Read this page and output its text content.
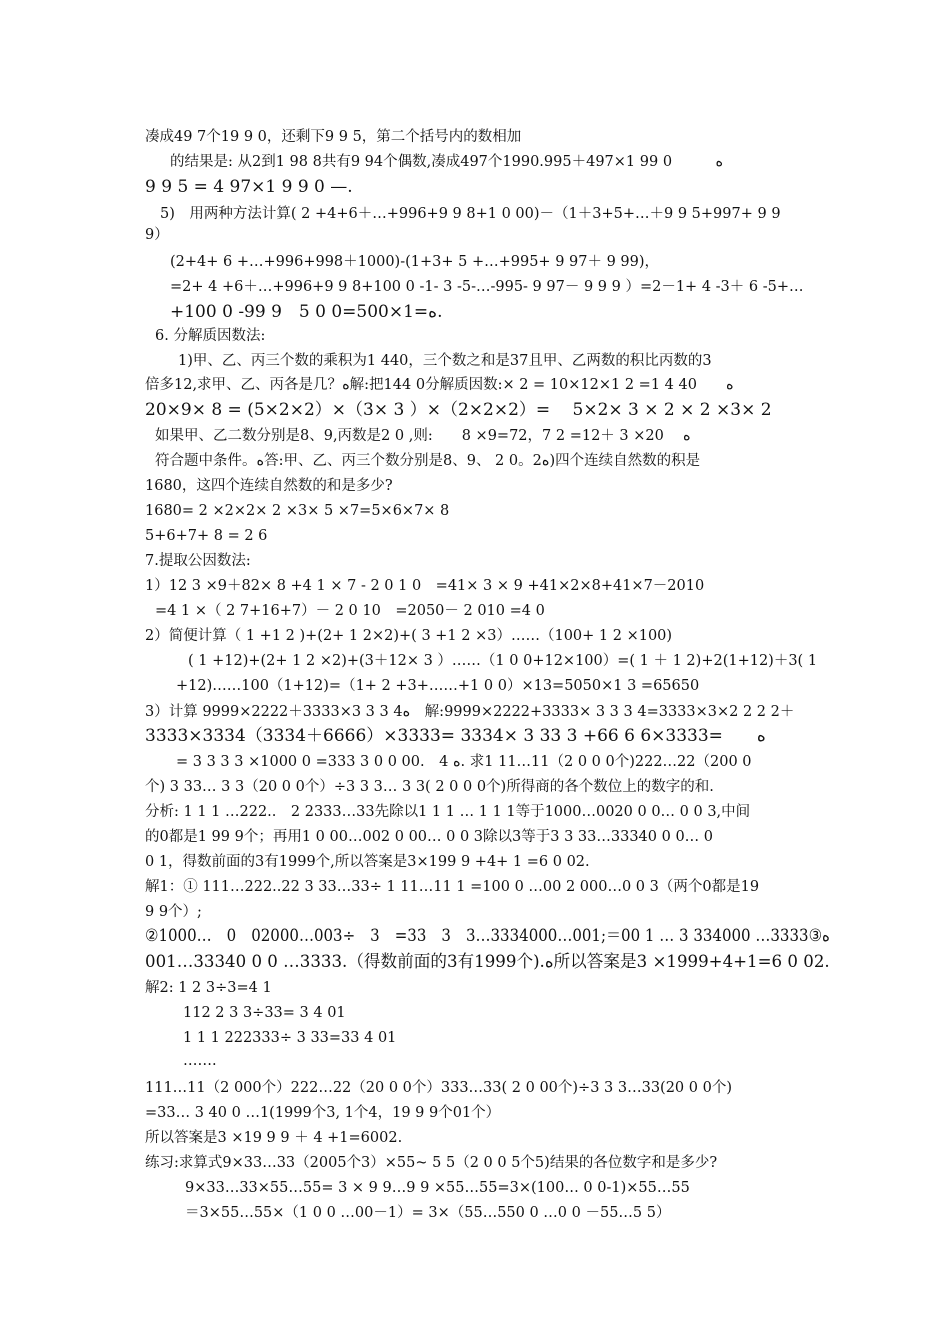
凑成49 7个19 9 0，还剩下9 9 5，第二个括号内的数相加
的结果是: 从2到1 98 8共有9 94个偶数,凑成497个1990.995＋497×1 99 0　　　ه
9 9 5 = 4 97×1 9 9 0 —.
5)　用两种方法计算( 2 +4+6＋…+996+9 9 8+1 0 00)－（1＋3+5+…＋9 9 5+997+ 9 9
9）
(2+4+ 6 +…+996+998＋1000)-(1+3+ 5 +…+995+ 9 97＋ 9 99)，
=2+ 4 +6＋…+996+9 9 8+100 0 -1- 3 -5-…-995- 9 97－ 9 9 9 ）=2－1+ 4 -3＋ 6 -5+…
+100 0 -99 9　5 0 0=500×1=ه.
6. 分解质因数法:
1)甲、乙、丙三个数的乘积为1 440，三个数之和是37且甲、乙两数的积比丙数的3
倍多12,求甲、乙、丙各是几？ه解:把144 0分解质因数:× 2 = 10×12×1 2 =1 4 40　　ه
20×9× 8 = (5×2×2）×（3× 3 ）×（2×2×2）=　 5×2× 3 × 2 × 2 ×3× 2
如果甲、乙二数分别是8、9,丙数是2 0 ,则:　　8 ×9=72，7 2 =12＋ 3 ×20　 ه
符合题中条件。ه答:甲、乙、丙三个数分别是8、9、 2 0。2ه)四个连续自然数的积是
1680，这四个连续自然数的和是多少?
1680= 2 ×2×2× 2 ×3× 5 ×7=5×6×7× 8
5+6+7+ 8 = 2 6
7.提取公因数法:
1）12 3 ×9＋82× 8 +4 1 × 7 - 2 0 1 0　=41× 3 × 9 +41×2×8+41×7－2010
=4 1 ×（ 2 7+16+7）－ 2 0 10　=2050－ 2 010 =4 0
2）简便计算（ 1 +1 2 )+(2+ 1 2×2)+( 3 +1 2 ×3）……（100+ 1 2 ×100)
( 1 +12)+(2+ 1 2 ×2)+(3＋12× 3 ）……（1 0 0+12×100）=( 1 ＋ 1 2)+2(1+12)＋3( 1
+12)……100（1+12)=（1+ 2 +3+……+1 0 0）×13=5050×1 3 =65650
3）计算 9999×2222＋3333×3 3 3 4ه　解:9999×2222+3333× 3 3 3 4=3333×3×2 2 2 2＋
3333×3334（3334＋6666）×3333= 3334× 3 33 3 +66 6 6×3333=　　ه
= 3 3 3 3 ×1000 0 =333 3 0 0 00.　4 ه. 求1 11…11（2 0 0 0个)222…22（200 0
个) 3 33… 3 3（20 0 0个）÷3 3 3… 3 3( 2 0 0 0个)所得商的各个数位上的数字的和.
分析: 1 1 1 …222..　2 2333…33先除以1 1 1 … 1 1 1等于1000…0020 0 0… 0 0 3,中间
的0都是1 99 9个；再用1 0 00…002 0 00… 0 0 3除以3等于3 3 33…33340 0 0… 0
0 1，得数前面的3有1999个,所以答案是3×199 9 +4+ 1 =6 0 02.
解1：① 111…222..22 3 33…33÷ 1 11…11 1 =100 0 …00 2 000…0 0 3（两个0都是19
9 9个）;
②1000…　0　02000…003÷　3　=33　3　3…3334000…001;＝00 1 … 3 334000 …3333③ه
001…33340 0 0 …3333.（得数前面的3有1999个).ه所以答案是3 ×1999+4+1=6 0 02.
解2: 1 2 3÷3=4 1
112 2 3 3÷33= 3 4 01
1 1 1 222333÷ 3 33=33 4 01
…….
111…11（2 000个）222…22（20 0 0个）333…33( 2 0 00个)÷3 3 3…33(20 0 0个)
=33… 3 40 0 …1(1999个3, 1个4，19 9 9个01个）
所以答案是3 ×19 9 9 ＋ 4 +1=6002.
练习:求算式9×33…33（2005个3）×55~ 5 5（2 0 0 5个5)结果的各位数字和是多少?
9×33…33×55…55= 3 × 9 9…9 9 ×55…55=3×(100… 0 0-1)×55…55
＝3×55…55×（1 0 0 …00－1）= 3×（55…550 0 …0 0 －55…5 5）
